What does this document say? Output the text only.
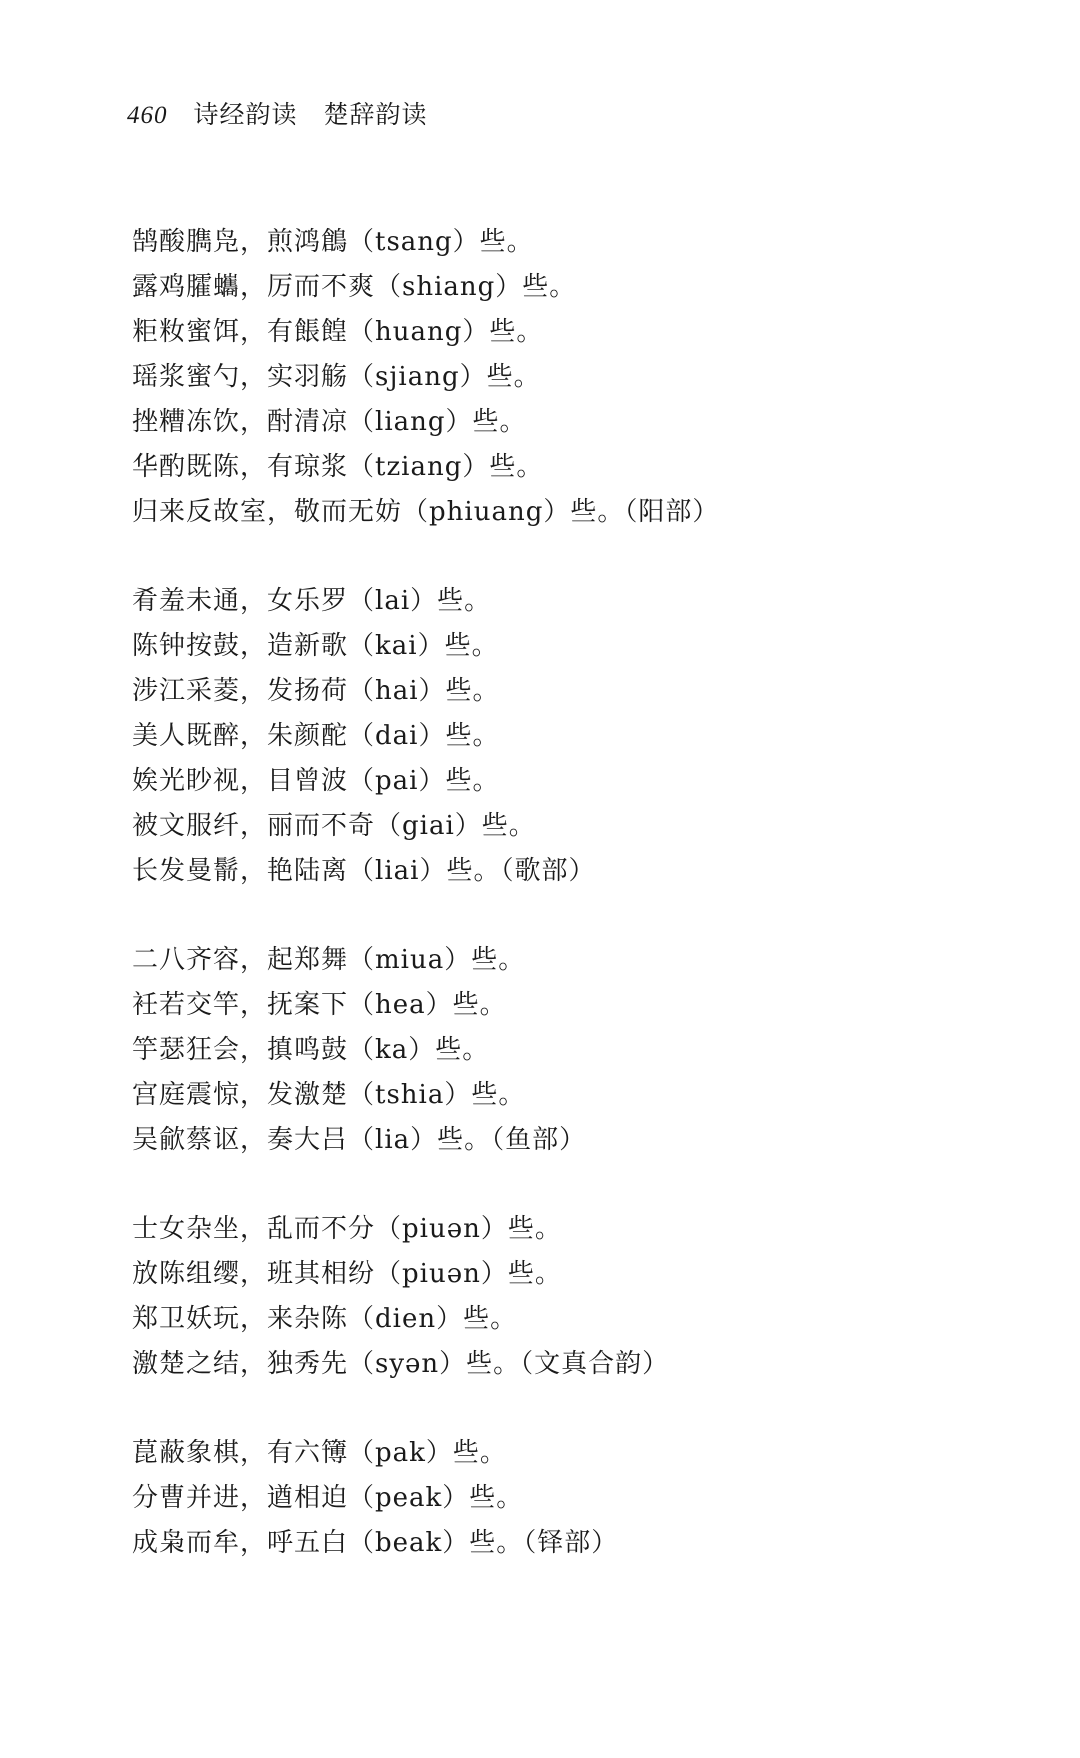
460 诗经韵读 楚辞韵读
鹄酸臇凫，煎鸿鶬（tsang）些。
露鸡臛蠵，厉而不爽（shiang）些。
粔籹蜜饵，有餦餭（huang）些。
瑶浆蜜勺，实羽觞（sjiang）些。
挫糟冻饮，酎清凉（liang）些。
华酌既陈，有琼浆（tziang）些。
归来反故室，敬而无妨（phiuang）些。（阳部）
肴羞未通，女乐罗（lai）些。
陈钟按鼓，造新歌（kai）些。
涉江采菱，发扬荷（hai）些。
美人既醉，朱颜酡（dai）些。
娭光眇视，目曾波（pai）些。
被文服纤，丽而不奇（giai）些。
长发曼鬋，艳陆离（liai）些。（歌部）
二八齐容，起郑舞（miua）些。
衽若交竿，抚案下（hea）些。
竽瑟狂会，搷鸣鼓（ka）些。
宫庭震惊，发激楚（tshia）些。
吴歈蔡讴，奏大吕（lia）些。（鱼部）
士女杂坐，乱而不分（piuən）些。
放陈组缨，班其相纷（piuən）些。
郑卫妖玩，来杂陈（dien）些。
激楚之结，独秀先（syən）些。（文真合韵）
菎蔽象棋，有六簙（pak）些。
分曹并进，遒相迫（peak）些。
成枭而牟，呼五白（beak）些。（铎部）
